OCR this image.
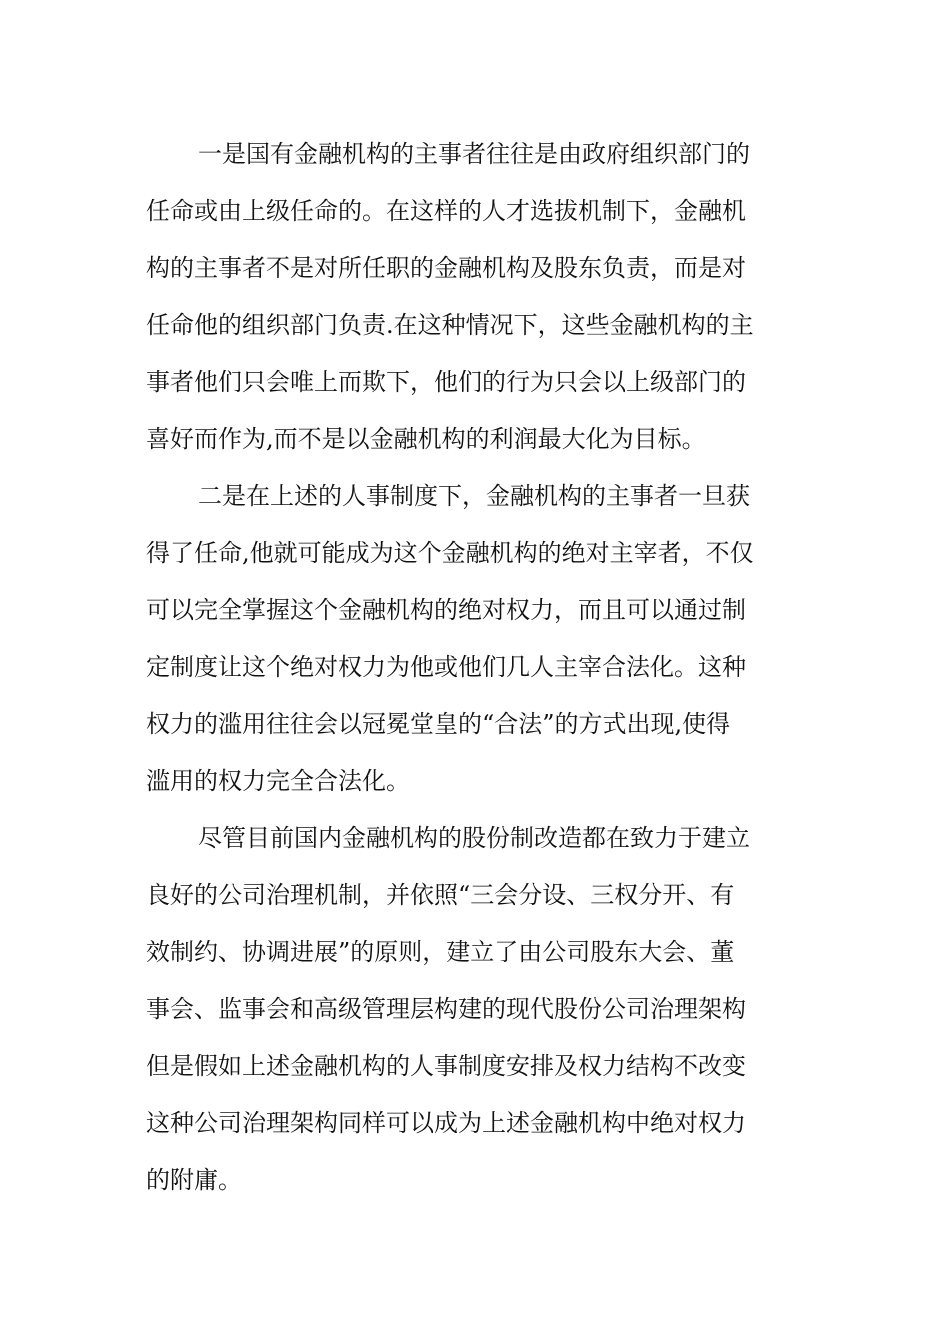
一是国有金融机构的主事者往往是由政府组织部门的
任命或由上级任命的。在这样的人才选拔机制下，金融机
构的主事者不是对所任职的金融机构及股东负责，而是对
任命他的组织部门负责.在这种情况下，这些金融机构的主
事者他们只会唯上而欺下，他们的行为只会以上级部门的
喜好而作为,而不是以金融机构的利润最大化为目标。

二是在上述的人事制度下，金融机构的主事者一旦获
得了任命,他就可能成为这个金融机构的绝对主宰者，不仅
可以完全掌握这个金融机构的绝对权力，而且可以通过制
定制度让这个绝对权力为他或他们几人主宰合法化。这种
权力的滥用往往会以冠冕堂皇的“合法”的方式出现,使得
滥用的权力完全合法化。

尽管目前国内金融机构的股份制改造都在致力于建立
良好的公司治理机制，并依照“三会分设、三权分开、有
效制约、协调进展”的原则，建立了由公司股东大会、董
事会、监事会和高级管理层构建的现代股份公司治理架构
但是假如上述金融机构的人事制度安排及权力结构不改变
这种公司治理架构同样可以成为上述金融机构中绝对权力
的附庸。
